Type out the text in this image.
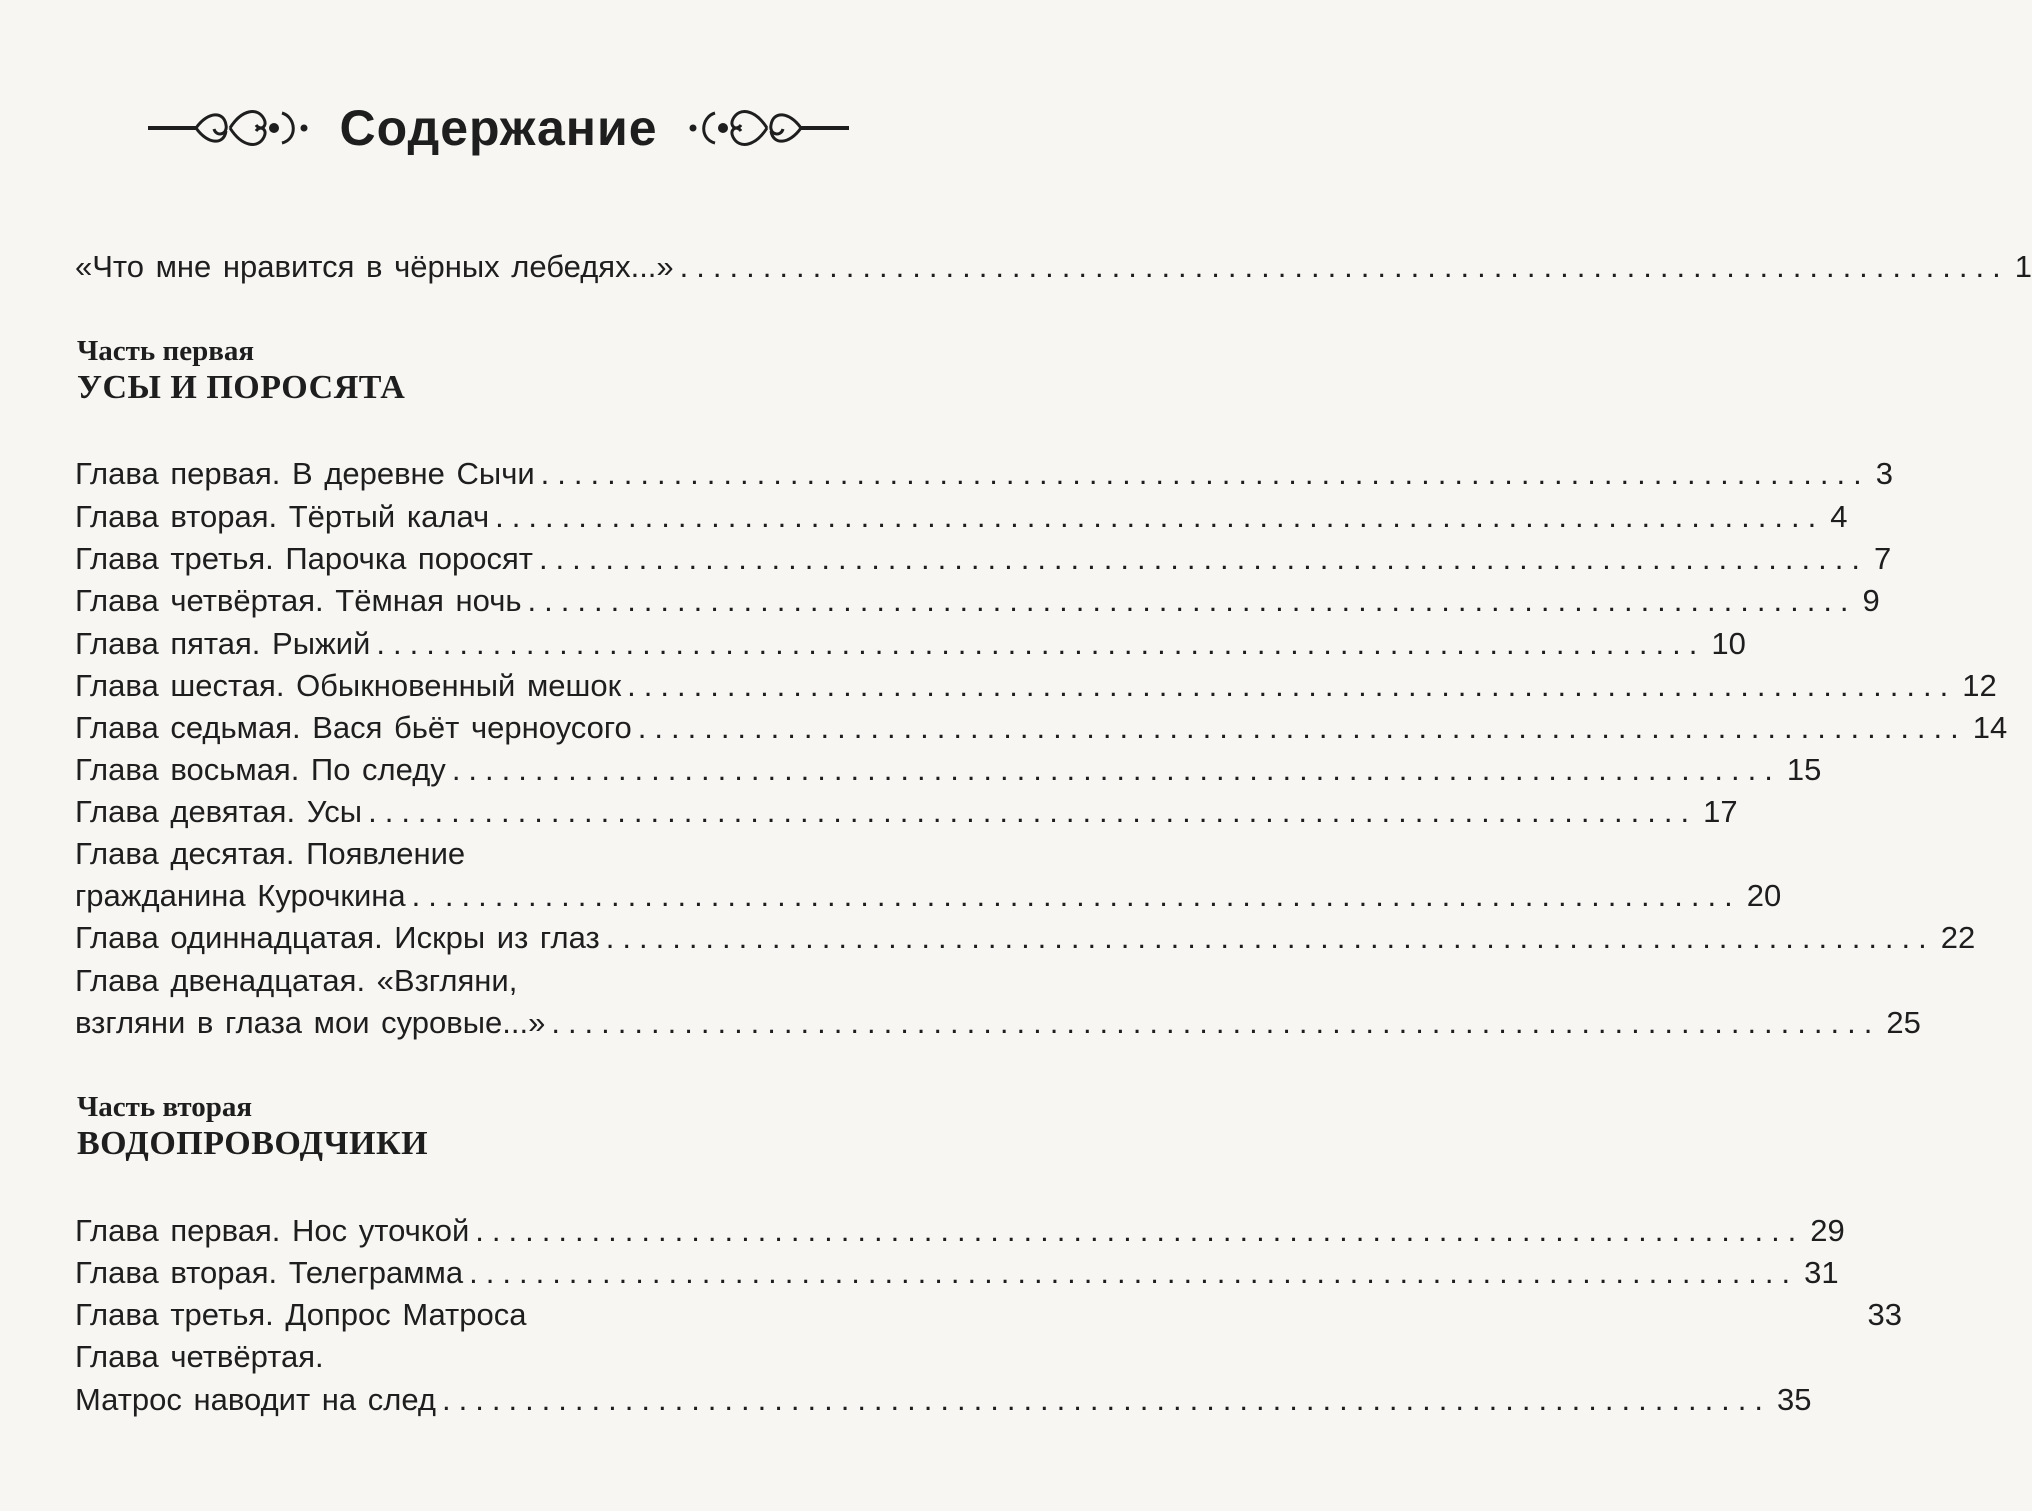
Содержание
«Что мне нравится в чёрных лебедях...» ................................................................................ 1
Часть первая
УСЫ И ПОРОСЯТА
Глава первая. В деревне Сычи ................................................................................ 3
Глава вторая. Тёртый калач ................................................................................ 4
Глава третья. Парочка поросят ................................................................................ 7
Глава четвёртая. Тёмная ночь ................................................................................ 9
Глава пятая. Рыжий ................................................................................ 10
Глава шестая. Обыкновенный мешок ................................................................................ 12
Глава седьмая. Вася бьёт черноусого ................................................................................ 14
Глава восьмая. По следу ................................................................................ 15
Глава девятая. Усы ................................................................................ 17
Глава десятая. Появление
гражданина Курочкина ................................................................................ 20
Глава одиннадцатая. Искры из глаз ................................................................................ 22
Глава двенадцатая. «Взгляни,
взгляни в глаза мои суровые...» ................................................................................ 25
Часть вторая
ВОДОПРОВОДЧИКИ
Глава первая. Нос уточкой ................................................................................ 29
Глава вторая. Телеграмма ................................................................................ 31
Глава третья. Допрос Матроса	33
Глава четвёртая.
Матрос наводит на след ................................................................................ 35
